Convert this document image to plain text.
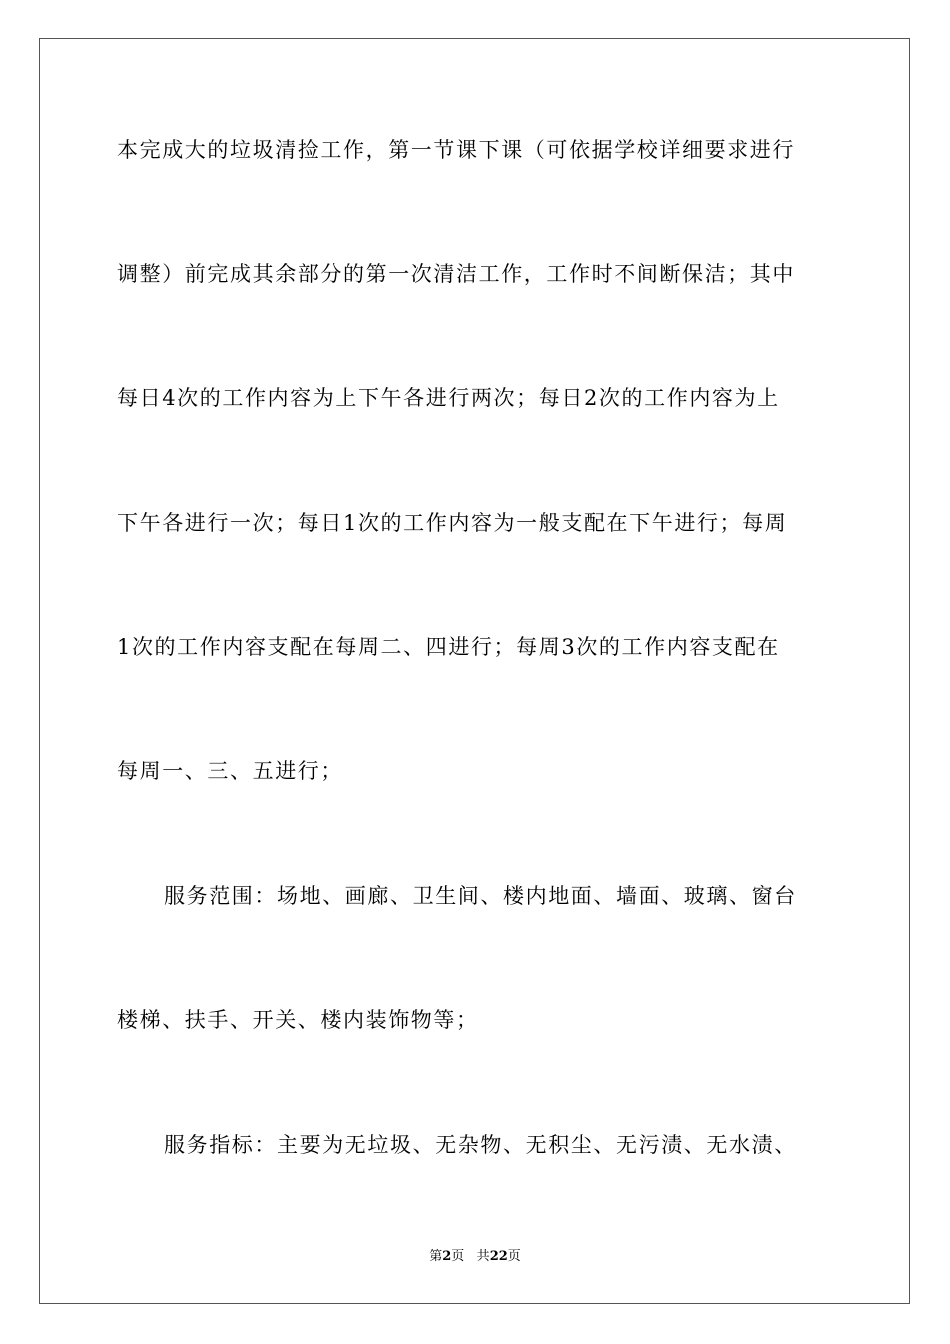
本完成大的垃圾清捡工作，第一节课下课（可依据学校详细要求进行
调整）前完成其余部分的第一次清洁工作，工作时不间断保洁；其中
每日4次的工作内容为上下午各进行两次；每日2次的工作内容为上
下午各进行一次；每日1次的工作内容为一般支配在下午进行；每周
1次的工作内容支配在每周二、四进行；每周3次的工作内容支配在
每周一、三、五进行；
服务范围：场地、画廊、卫生间、楼内地面、墙面、玻璃、窗台
楼梯、扶手、开关、楼内装饰物等；
服务指标：主要为无垃圾、无杂物、无积尘、无污渍、无水渍、
第2页 共22页
